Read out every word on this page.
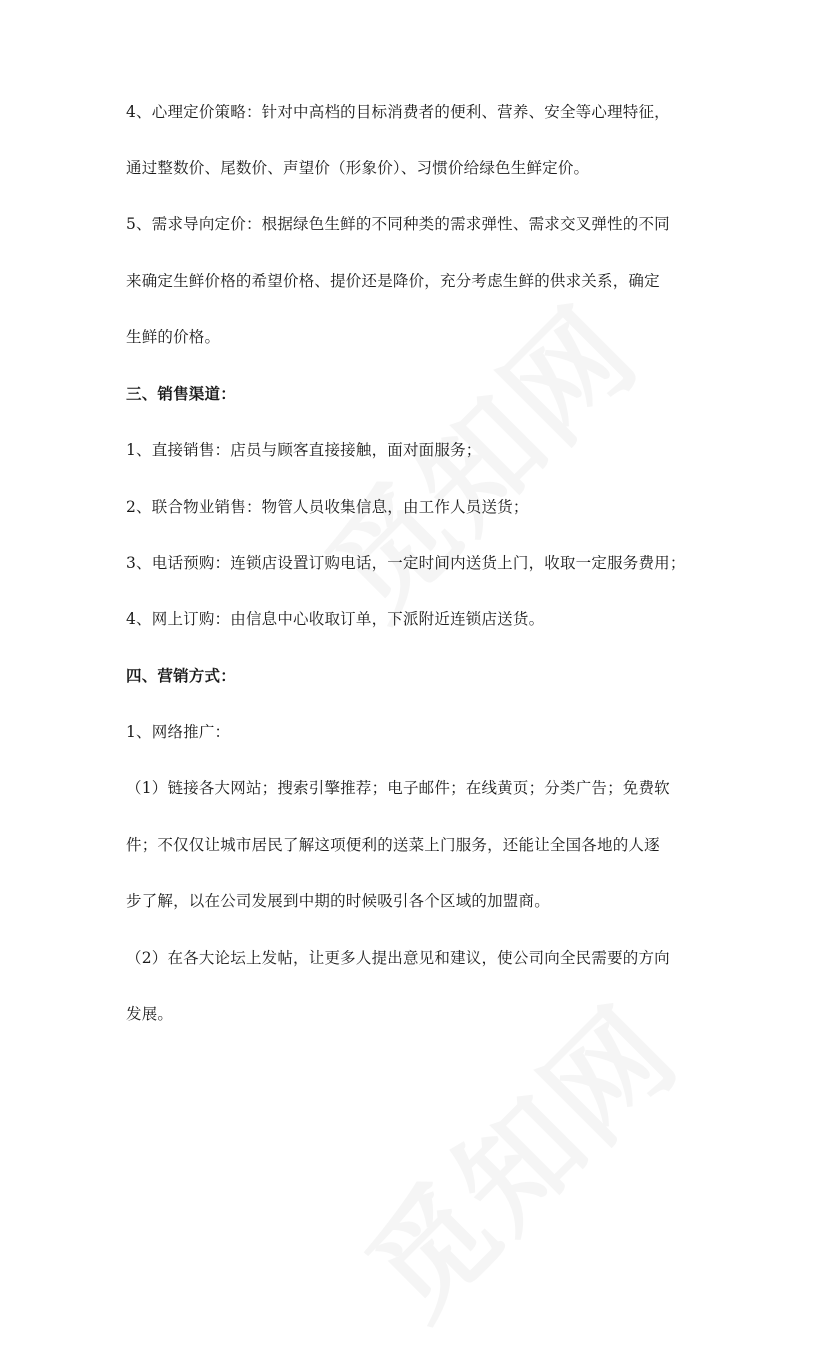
4、心理定价策略：针对中高档的目标消费者的便利、营养、安全等心理特征，
通过整数价、尾数价、声望价（形象价）、习惯价给绿色生鲜定价。
5、需求导向定价：根据绿色生鲜的不同种类的需求弹性、需求交叉弹性的不同
来确定生鲜价格的希望价格、提价还是降价，充分考虑生鲜的供求关系，确定
生鲜的价格。
三、销售渠道：
1、直接销售：店员与顾客直接接触，面对面服务；
2、联合物业销售：物管人员收集信息，由工作人员送货；
3、电话预购：连锁店设置订购电话，一定时间内送货上门，收取一定服务费用；
4、网上订购：由信息中心收取订单，下派附近连锁店送货。
四、营销方式：
1、网络推广：
（1）链接各大网站；搜索引擎推荐；电子邮件；在线黄页；分类广告；免费软
件；不仅仅让城市居民了解这项便利的送菜上门服务，还能让全国各地的人逐
步了解，以在公司发展到中期的时候吸引各个区域的加盟商。
（2）在各大论坛上发帖，让更多人提出意见和建议，使公司向全民需要的方向
发展。
